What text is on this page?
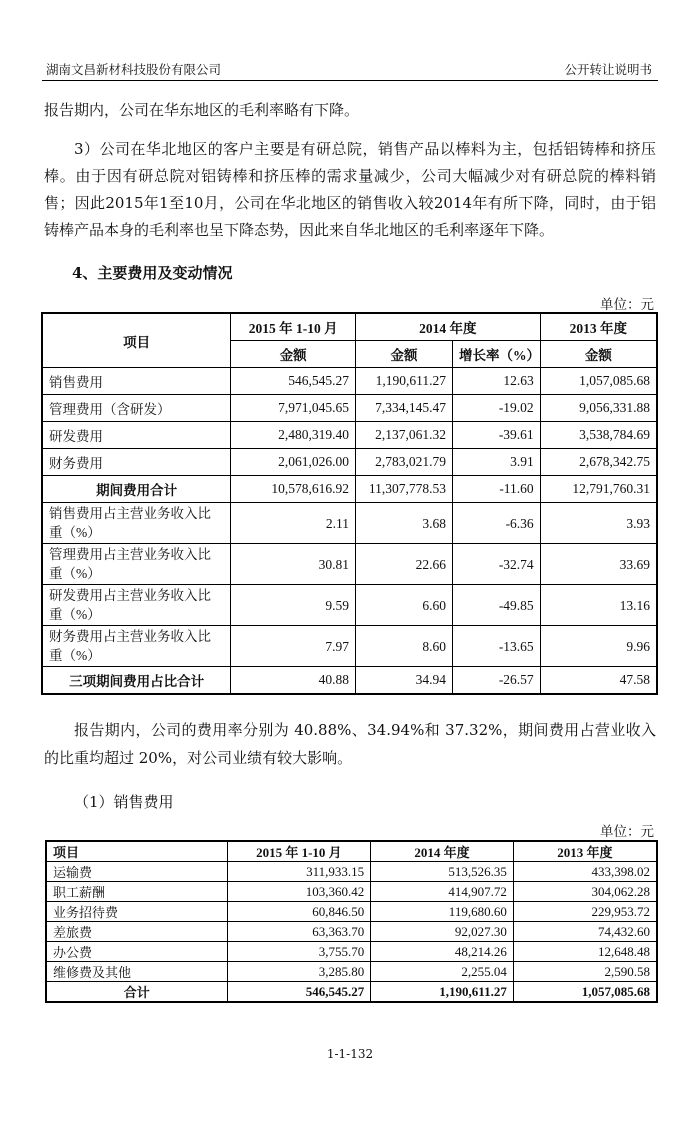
湖南文昌新材科技股份有限公司	公开转让说明书
报告期内，公司在华东地区的毛利率略有下降。
3）公司在华北地区的客户主要是有研总院，销售产品以棒料为主，包括铝铸棒和挤压棒。由于因有研总院对铝铸棒和挤压棒的需求量减少，公司大幅减少对有研总院的棒料销售；因此2015年1至10月，公司在华北地区的销售收入较2014年有所下降，同时，由于铝铸棒产品本身的毛利率也呈下降态势，因此来自华北地区的毛利率逐年下降。
4、主要费用及变动情况
单位：元
项目	2015 年 1-10 月	2014 年度		2013 年度
	金额	金额	增长率（%）	金额
销售费用	546,545.27	1,190,611.27	12.63	1,057,085.68
管理费用（含研发）	7,971,045.65	7,334,145.47	-19.02	9,056,331.88
研发费用	2,480,319.40	2,137,061.32	-39.61	3,538,784.69
财务费用	2,061,026.00	2,783,021.79	3.91	2,678,342.75
期间费用合计	10,578,616.92	11,307,778.53	-11.60	12,791,760.31
销售费用占主营业务收入比重（%）	2.11	3.68	-6.36	3.93
管理费用占主营业务收入比重（%）	30.81	22.66	-32.74	33.69
研发费用占主营业务收入比重（%）	9.59	6.60	-49.85	13.16
财务费用占主营业务收入比重（%）	7.97	8.60	-13.65	9.96
三项期间费用占比合计	40.88	34.94	-26.57	47.58
报告期内，公司的费用率分别为 40.88%、34.94%和 37.32%，期间费用占营业收入的比重均超过 20%，对公司业绩有较大影响。
（1）销售费用
单位：元
项目	2015 年 1-10 月	2014 年度	2013 年度
运输费	311,933.15	513,526.35	433,398.02
职工薪酬	103,360.42	414,907.72	304,062.28
业务招待费	60,846.50	119,680.60	229,953.72
差旅费	63,363.70	92,027.30	74,432.60
办公费	3,755.70	48,214.26	12,648.48
维修费及其他	3,285.80	2,255.04	2,590.58
合计	546,545.27	1,190,611.27	1,057,085.68
1-1-132
